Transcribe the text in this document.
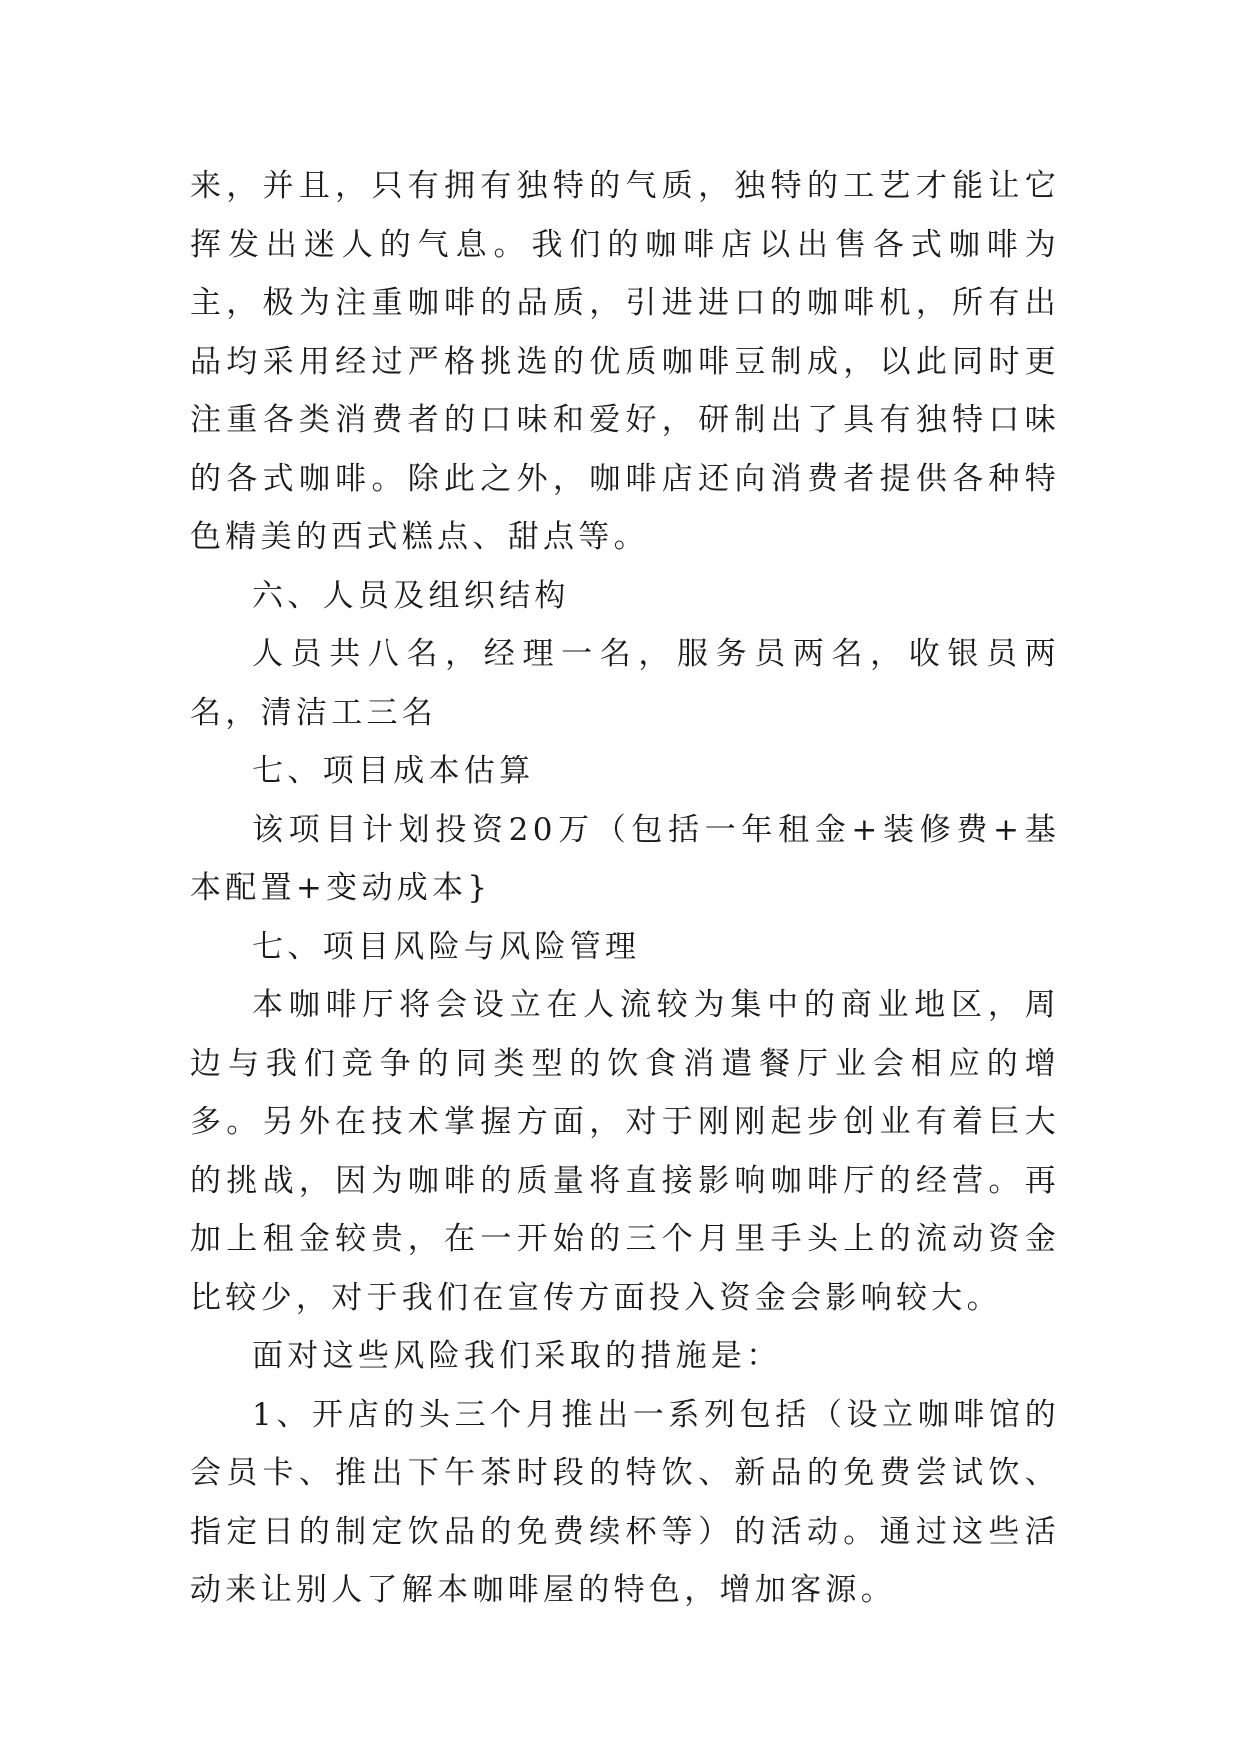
来，并且，只有拥有独特的气质，独特的工艺才能让它挥发出迷人的气息。我们的咖啡店以出售各式咖啡为主，极为注重咖啡的品质，引进进口的咖啡机，所有出品均采用经过严格挑选的优质咖啡豆制成，以此同时更注重各类消费者的口味和爱好，研制出了具有独特口味的各式咖啡。除此之外，咖啡店还向消费者提供各种特色精美的西式糕点、甜点等。

六、人员及组织结构

人员共八名，经理一名，服务员两名，收银员两名，清洁工三名

七、项目成本估算

该项目计划投资20万（包括一年租金+装修费+基本配置+变动成本}

七、项目风险与风险管理

本咖啡厅将会设立在人流较为集中的商业地区，周边与我们竞争的同类型的饮食消遣餐厅业会相应的增多。另外在技术掌握方面，对于刚刚起步创业有着巨大的挑战，因为咖啡的质量将直接影响咖啡厅的经营。再加上租金较贵，在一开始的三个月里手头上的流动资金比较少，对于我们在宣传方面投入资金会影响较大。

面对这些风险我们采取的措施是：

1、开店的头三个月推出一系列包括（设立咖啡馆的会员卡、推出下午茶时段的特饮、新品的免费尝试饮、指定日的制定饮品的免费续杯等）的活动。通过这些活动来让别人了解本咖啡屋的特色，增加客源。
